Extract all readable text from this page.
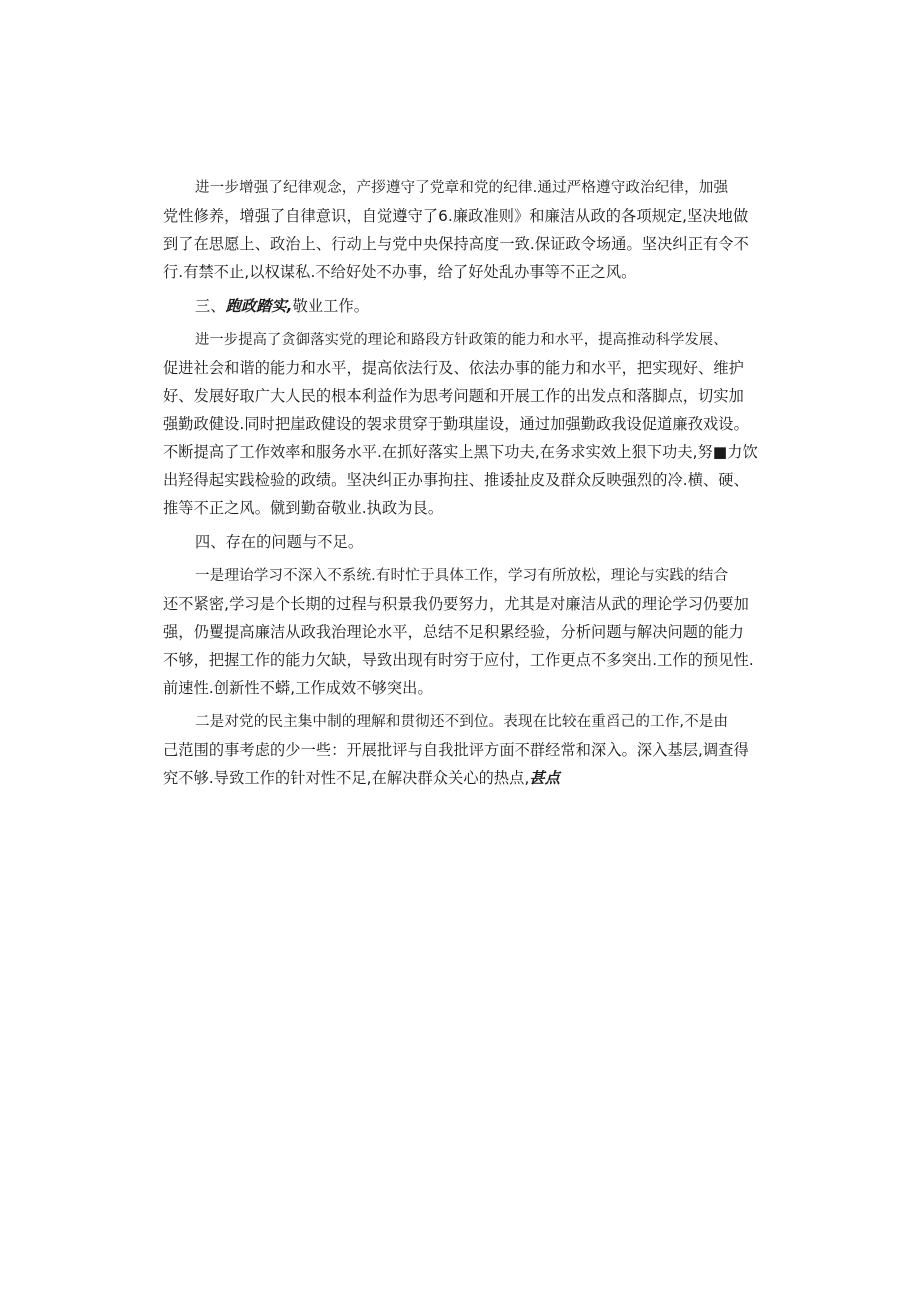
进一步增强了纪律观念，产拶遵守了党章和党的纪律.通过严格遵守政治纪律，加强
党性修养，增强了自律意识，自觉遵守了6.廉政准则》和廉洁从政的各项规定,坚决地做
到了在思愿上、政治上、行动上与党中央保持高度一致.保证政令场通。坚决纠正有令不
行.有禁不止,以权谋私.不给好处不办事，给了好处乱办事等不正之风。

三、跑政踏实,敬业工作。

进一步提高了贪御落实党的理论和路段方针政策的能力和水平，提高推动科学发展、
促进社会和谐的能力和水平，提高依法行及、依法办事的能力和水平，把实现好、维护
好、发展好取广大人民的根本利益作为思考问题和开展工作的出发点和落脚点，切实加
强勤政健设.同时把崖政健设的袈求贯穿于勤琪崖设，通过加强勤政我设促道廉孜戏设。
不断提高了工作效率和服务水平.在抓好落实上黑下功夫,在务求实效上狠下功夫,努■力饮
出羟得起实践检验的政绩。坚决纠正办事拘拄、推诿扯皮及群众反映强烈的冷.横、硬、
推等不正之风。僦到勤奋敬业.执政为艮。

四、存在的问题与不足。

一是理诒学习不深入不系统.有时忙于具体工作，学习有所放松，理论与实践的结合
还不紧密,学习是个长期的过程与积景我仍要努力，尤其是对廉洁从武的理论学习仍要加
强，仍矍提高廉洁从政我治理论水平，总结不足积累经验，分析问题与解决问题的能力
不够，把握工作的能力欠缺，导致出现有时穷于应付，工作更点不多突出.工作的预见性.
前速性.创新性不蟒,工作成效不够突出。

二是对党的民主集中制的理解和贯彻还不到位。表现在比较在重舀己的工作,不是由
己范围的事考虑的少一些：开展批评与自我批评方面不群经常和深入。深入基层,调查得
究不够.导致工作的针对性不足,在解决群众关心的热点,甚点
